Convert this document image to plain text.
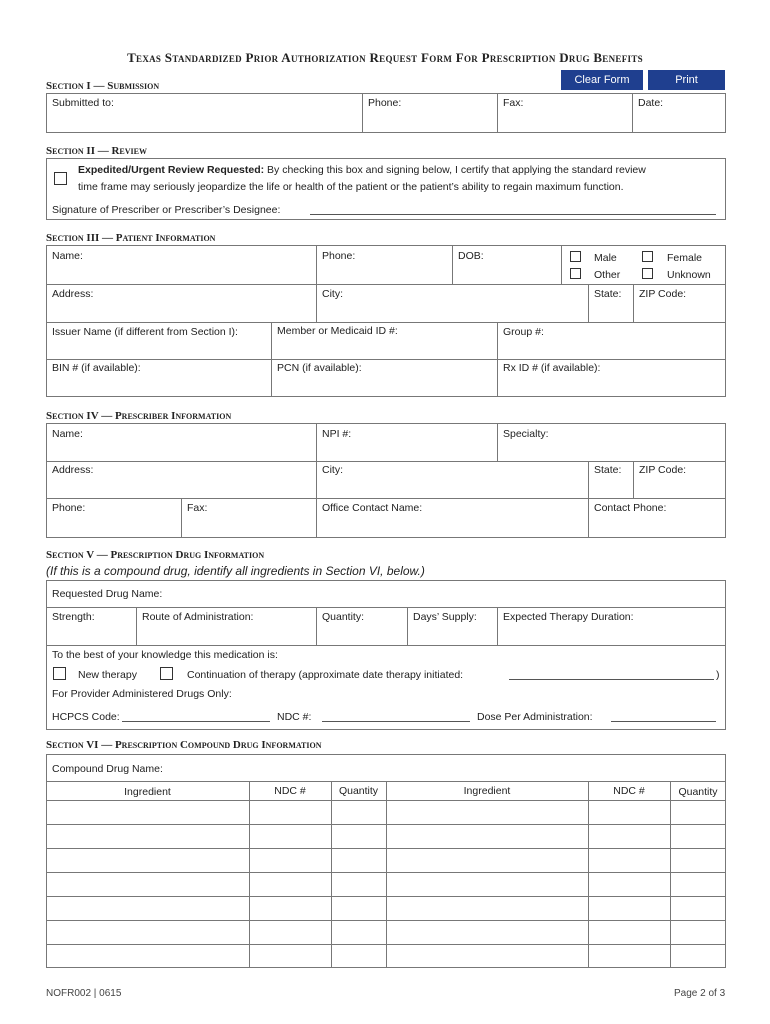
Texas Standardized Prior Authorization Request Form For Prescription Drug Benefits
Clear Form	Print
Section I — Submission
Submitted to:	Phone:	Fax:	Date:
Section II — Review
Expedited/Urgent Review Requested: By checking this box and signing below, I certify that applying the standard review
time frame may seriously jeopardize the life or health of the patient or the patient’s ability to regain maximum function.
Signature of Prescriber or Prescriber’s Designee:
Section III — Patient Information
Name:	Phone:	DOB:	Male	Female
Other	Unknown
Address:	City:	State: ZIP Code:
Issuer Name (if different from Section I):	Member or Medicaid ID #:	Group #:
BIN # (if available):	PCN (if available):	Rx ID # (if available):
Section IV — Prescriber Information
Name:	NPI #:	Specialty:
Address:	City:	State: ZIP Code:
Phone:	Fax:	Office Contact Name:	Contact Phone:
Section V — Prescription Drug Information
(If this is a compound drug, identify all ingredients in Section VI, below.)
Requested Drug Name:
Strength:	Route of Administration:	Quantity:	Days’ Supply: Expected Therapy Duration:
To the best of your knowledge this medication is:
New therapy	Continuation of therapy (approximate date therapy initiated:	)
For Provider Administered Drugs Only:
HCPCS Code:	NDC #:	Dose Per Administration:
Section VI — Prescription Compound Drug Information
Compound Drug Name:
Ingredient	NDC #	Quantity	Ingredient	NDC #	Quantity
NOFR002 | 0615	Page 2 of 3
